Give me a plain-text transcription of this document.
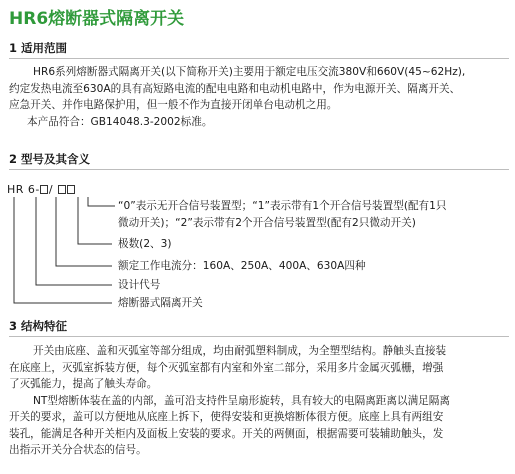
HR6熔断器式隔离开关
1 适用范围
HR6系列熔断器式隔离开关(以下简称开关)主要用于额定电压交流380V和660V(45~62Hz),
约定发热电流至630A的具有高短路电流的配电电路和电动机电路中，作为电源开关、隔离开关、
应急开关、并作电路保护用，但一般不作为直接开闭单台电动机之用。
本产品符合：GB14048.3-2002标准。
2 型号及其含义
HR 6- /
“0”表示无开合信号装置型；“1”表示带有1个开合信号装置型(配有1只
微动开关)；“2”表示带有2个开合信号装置型(配有2只微动开关)
极数(2、3)
额定工作电流分：160A、250A、400A、630A四种
设计代号
熔断器式隔离开关
3 结构特征
开关由底座、盖和灭弧室等部分组成，均由耐弧塑料制成，为全塑型结构。静触头直接装
在底座上，灭弧室拆装方便，每个灭弧室都有内室和外室二部分，采用多片金属灭弧栅，增强
了灭弧能力，提高了触头寿命。
NT型熔断体装在盖的内部，盖可沿支持件呈扇形旋转，具有较大的电隔离距离以满足隔离
开关的要求，盖可以方便地从底座上拆下，使得安装和更换熔断体很方便。底座上具有两组安
装孔，能满足各种开关柜内及面板上安装的要求。开关的两侧面，根据需要可装辅助触头，发
出指示开关分合状态的信号。
